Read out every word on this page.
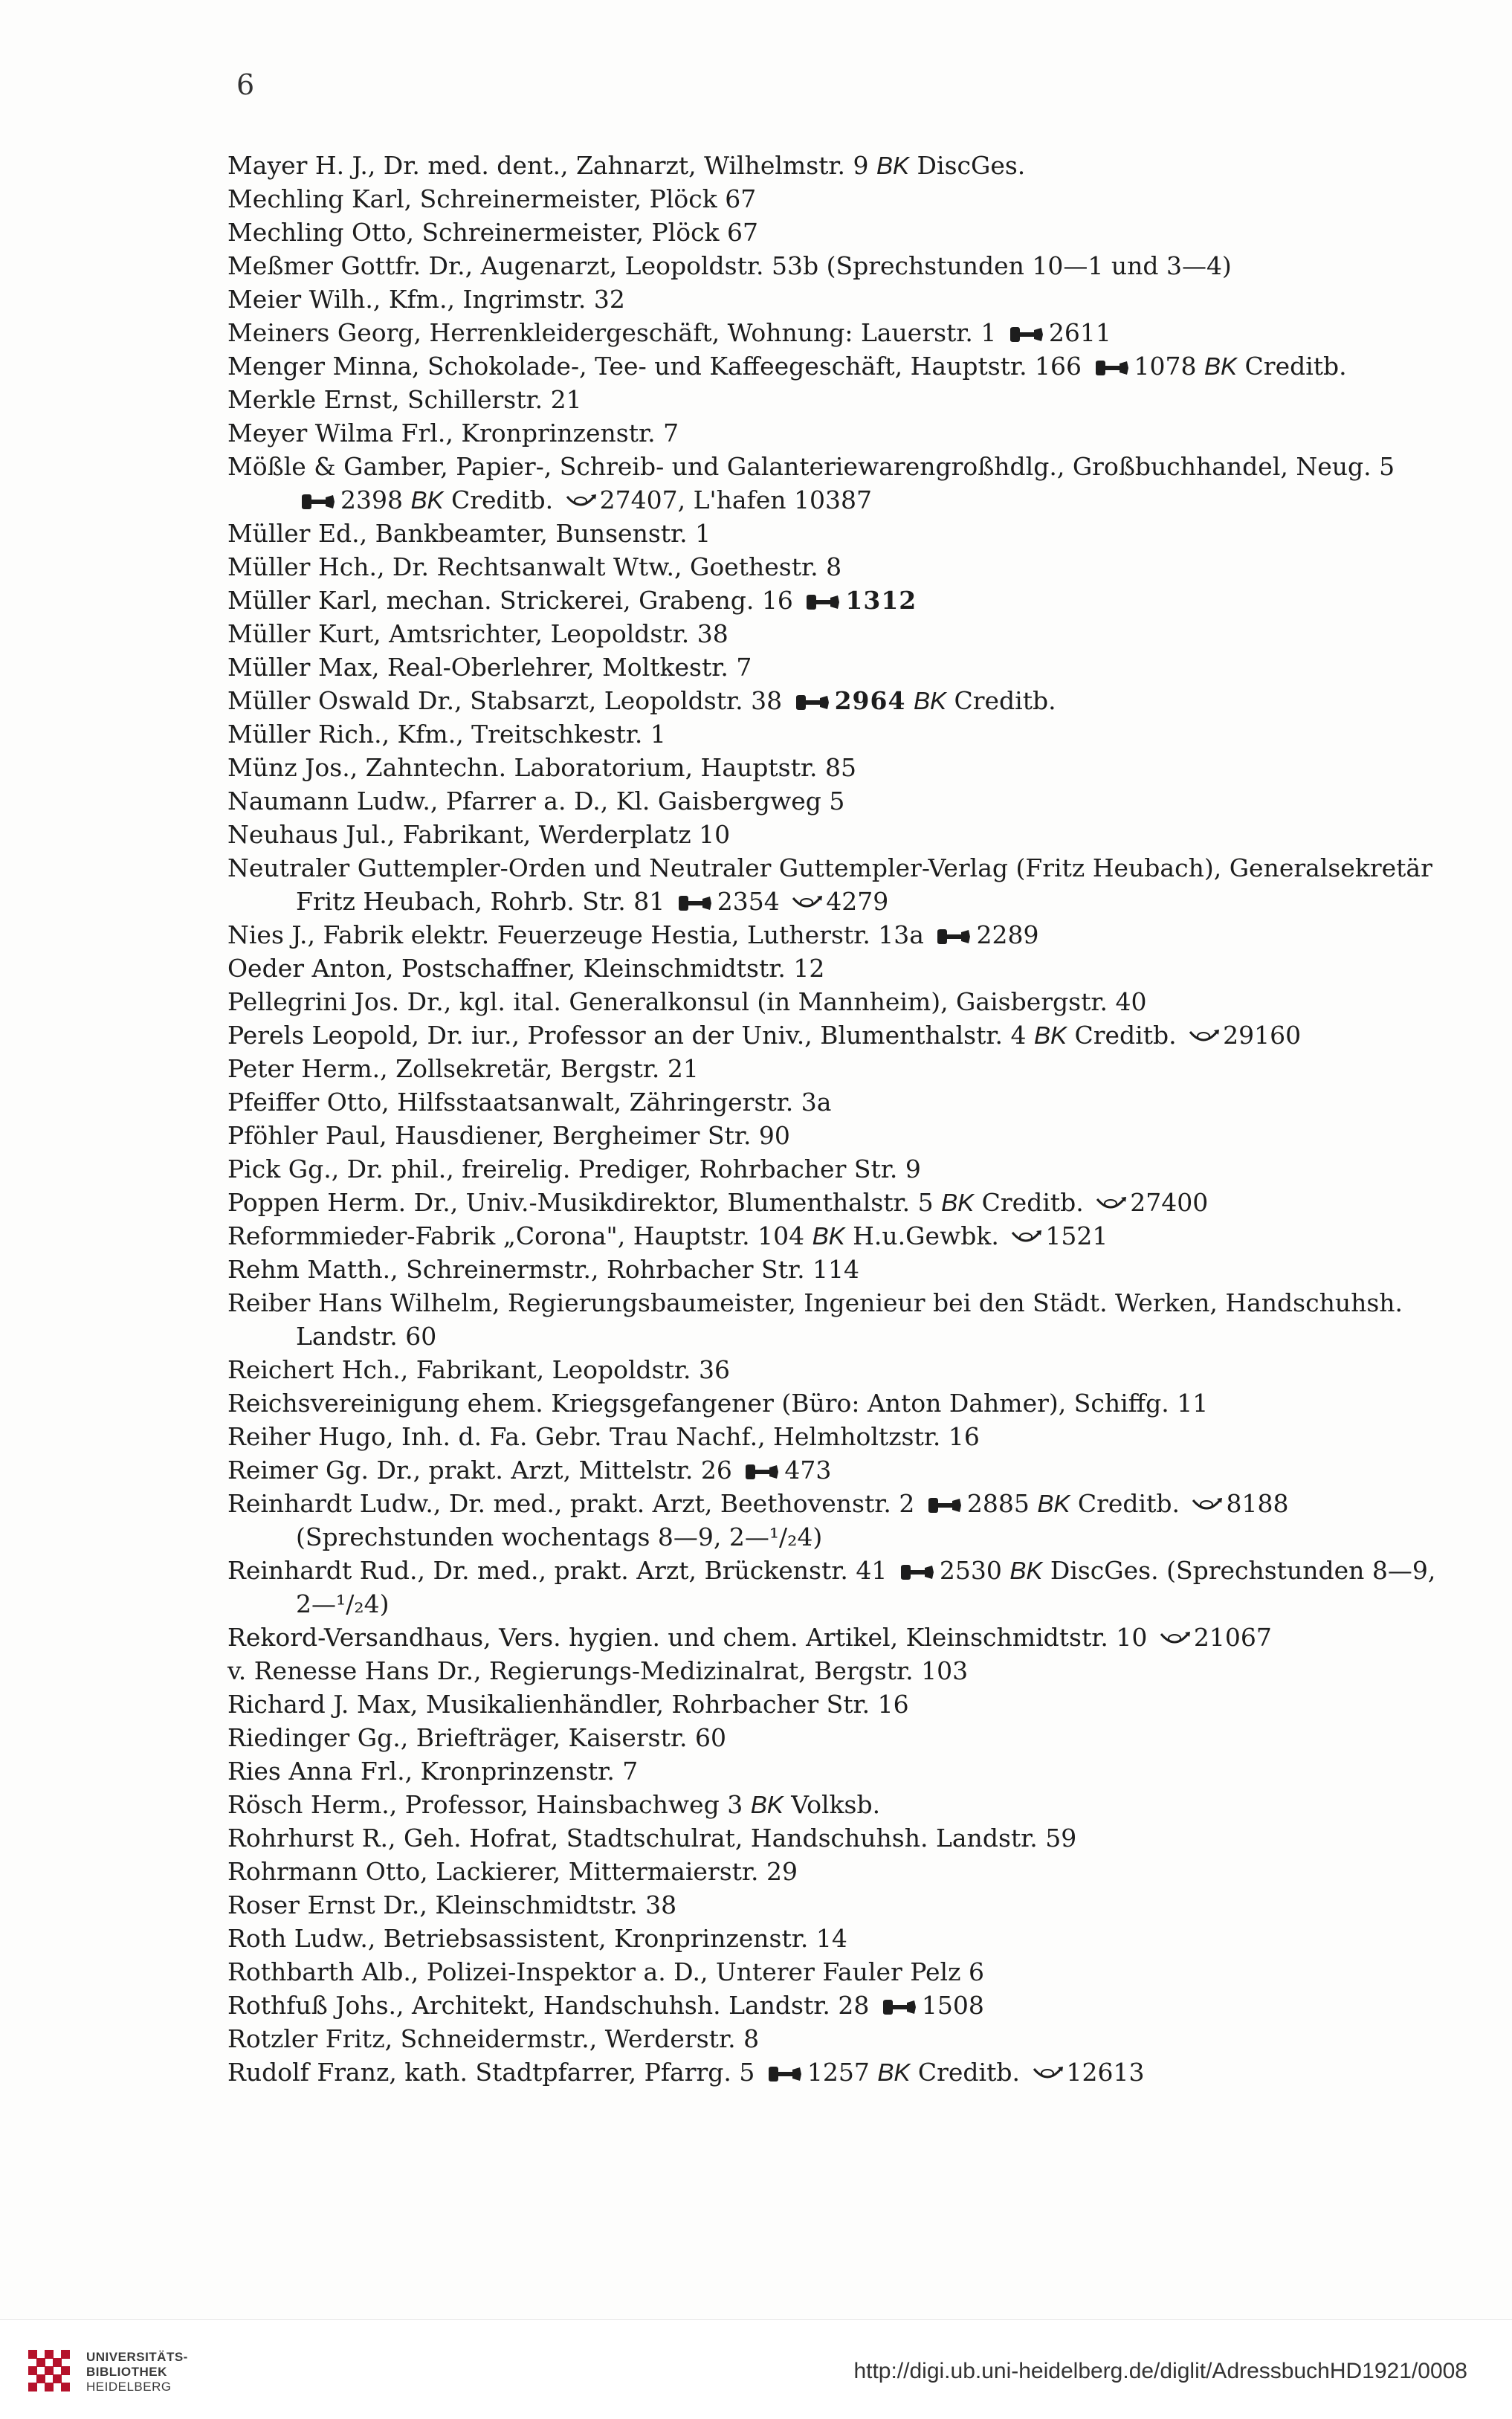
6

Mayer H. J., Dr. med. dent., Zahnarzt, Wilhelmstr. 9 BK DiscGes.

Mechling Karl, Schreinermeister, Plöck 67

Mechling Otto, Schreinermeister, Plöck 67

Meßmer Gottfr. Dr., Augenarzt, Leopoldstr. 53b (Sprechstunden 10—1 und 3—4)

Meier Wilh., Kfm., Ingrimstr. 32

Meiners Georg, Herrenkleidergeschäft, Wohnung: Lauerstr. 1 2611

Menger Minna, Schokolade-, Tee- und Kaffeegeschäft, Hauptstr. 166 1078 BK Creditb.

Merkle Ernst, Schillerstr. 21

Meyer Wilma Frl., Kronprinzenstr. 7

Mößle & Gamber, Papier-, Schreib- und Galanteriewarengroßhdlg., Großbuchhandel, Neug. 5 2398 BK Creditb. 27407, L'hafen 10387

Müller Ed., Bankbeamter, Bunsenstr. 1

Müller Hch., Dr. Rechtsanwalt Wtw., Goethestr. 8

Müller Karl, mechan. Strickerei, Grabeng. 16 1312

Müller Kurt, Amtsrichter, Leopoldstr. 38

Müller Max, Real-Oberlehrer, Moltkestr. 7

Müller Oswald Dr., Stabsarzt, Leopoldstr. 38 2964 BK Creditb.

Müller Rich., Kfm., Treitschkestr. 1

Münz Jos., Zahntechn. Laboratorium, Hauptstr. 85

Naumann Ludw., Pfarrer a. D., Kl. Gaisbergweg 5

Neuhaus Jul., Fabrikant, Werderplatz 10

Neutraler Guttempler-Orden und Neutraler Guttempler-Verlag (Fritz Heubach), Generalsekretär Fritz Heubach, Rohrb. Str. 81 2354 4279

Nies J., Fabrik elektr. Feuerzeuge Hestia, Lutherstr. 13a 2289

Oeder Anton, Postschaffner, Kleinschmidtstr. 12

Pellegrini Jos. Dr., kgl. ital. Generalkonsul (in Mannheim), Gaisbergstr. 40

Perels Leopold, Dr. iur., Professor an der Univ., Blumenthalstr. 4 BK Creditb. 29160

Peter Herm., Zollsekretär, Bergstr. 21

Pfeiffer Otto, Hilfsstaatsanwalt, Zähringerstr. 3a

Pföhler Paul, Hausdiener, Bergheimer Str. 90

Pick Gg., Dr. phil., freirelig. Prediger, Rohrbacher Str. 9

Poppen Herm. Dr., Univ.-Musikdirektor, Blumenthalstr. 5 BK Creditb. 27400

Reformmieder-Fabrik „Corona", Hauptstr. 104 BK H.u.Gewbk. 1521

Rehm Matth., Schreinermstr., Rohrbacher Str. 114

Reiber Hans Wilhelm, Regierungsbaumeister, Ingenieur bei den Städt. Werken, Handschuhsh. Landstr. 60

Reichert Hch., Fabrikant, Leopoldstr. 36

Reichsvereinigung ehem. Kriegsgefangener (Büro: Anton Dahmer), Schiffg. 11

Reiher Hugo, Inh. d. Fa. Gebr. Trau Nachf., Helmholtzstr. 16

Reimer Gg. Dr., prakt. Arzt, Mittelstr. 26 473

Reinhardt Ludw., Dr. med., prakt. Arzt, Beethovenstr. 2 2885 BK Creditb. 8188 (Sprechstunden wochentags 8—9, 2—¹/₂4)

Reinhardt Rud., Dr. med., prakt. Arzt, Brückenstr. 41 2530 BK DiscGes. (Sprechstunden 8—9, 2—¹/₂4)

Rekord-Versandhaus, Vers. hygien. und chem. Artikel, Kleinschmidtstr. 10 21067

v. Renesse Hans Dr., Regierungs-Medizinalrat, Bergstr. 103

Richard J. Max, Musikalienhändler, Rohrbacher Str. 16

Riedinger Gg., Briefträger, Kaiserstr. 60

Ries Anna Frl., Kronprinzenstr. 7

Rösch Herm., Professor, Hainsbachweg 3 BK Volksb.

Rohrhurst R., Geh. Hofrat, Stadtschulrat, Handschuhsh. Landstr. 59

Rohrmann Otto, Lackierer, Mittermaierstr. 29

Roser Ernst Dr., Kleinschmidtstr. 38

Roth Ludw., Betriebsassistent, Kronprinzenstr. 14

Rothbarth Alb., Polizei-Inspektor a. D., Unterer Fauler Pelz 6

Rothfuß Johs., Architekt, Handschuhsh. Landstr. 28 1508

Rotzler Fritz, Schneidermstr., Werderstr. 8

Rudolf Franz, kath. Stadtpfarrer, Pfarrg. 5 1257 BK Creditb. 12613

UNIVERSITÄTS-
BIBLIOTHEK
HEIDELBERG
http://digi.ub.uni-heidelberg.de/diglit/AdressbuchHD1921/0008
